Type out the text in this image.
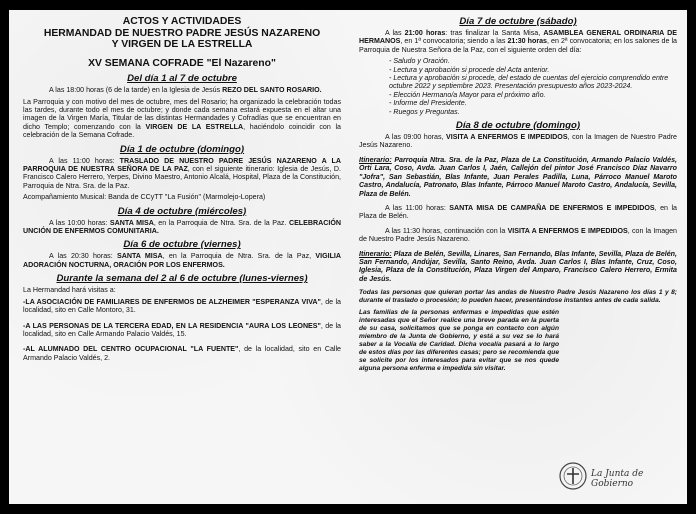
ACTOS Y ACTIVIDADES

HERMANDAD DE NUESTRO PADRE JESÚS NAZARENO

Y VIRGEN DE LA ESTRELLA

XV SEMANA COFRADE "El Nazareno"

Del día 1 al 7 de octubre

A las 18:00 horas (6 de la tarde) en la Iglesia de Jesús REZO DEL SANTO ROSARIO.

La Parroquia y con motivo del mes de octubre, mes del Rosario; ha organizado la celebración todas las tardes, durante todo el mes de octubre; y donde cada semana estará expuesta en el altar una imagen de la Virgen María, Titular de las distintas Hermandades y Cofradías que se encuentran en dicho Templo; comenzando con la VIRGEN DE LA ESTRELLA, haciéndolo coincidir con la celebración de la Semana Cofrade.

Día 1 de octubre (domingo)

A las 11:00 horas: TRASLADO DE NUESTRO PADRE JESÚS NAZARENO A LA PARROQUIA DE NUESTRA SEÑORA DE LA PAZ, con el siguiente itinerario: Iglesia de Jesús, D. Francisco Calero Herrero, Yerpes, Divino Maestro, Antonio Alcalá, Hospital, Plaza de la Constitución, Parroquia de Ntra. Sra. de la Paz.

Acompañamiento Musical: Banda de CCyTT "La Fusión" (Marmolejo-Lopera)

Día 4 de octubre (miércoles)

A las 10:00 horas: SANTA MISA, en la Parroquia de Ntra. Sra. de la Paz. CELEBRACIÓN UNCIÓN DE ENFERMOS COMUNITARIA.

Día 6 de octubre (viernes)

A las 20:30 horas: SANTA MISA, en la Parroquia de Ntra. Sra. de la Paz, VIGILIA ADORACIÓN NOCTURNA, ORACIÓN POR LOS ENFERMOS.

Durante la semana del 2 al 6 de octubre (lunes-viernes)

La Hermandad hará visitas a:

-LA ASOCIACIÓN DE FAMILIARES DE ENFERMOS DE ALZHEIMER "ESPERANZA VIVA", de la localidad, sito en Calle Montoro, 31.

-A LAS PERSONAS DE LA TERCERA EDAD, EN LA RESIDENCIA "AURA LOS LEONES", de la localidad, sito en Calle Armando Palacio Valdés, 15.

-AL ALUMNADO DEL CENTRO OCUPACIONAL "LA FUENTE", de la localidad, sito en Calle Armando Palacio Valdés, 2.

Día 7 de octubre (sábado)

A las 21:00 horas: tras finalizar la Santa Misa, ASAMBLEA GENERAL ORDINARIA DE HERMANOS, en 1ª convocatoria; siendo a las 21:30 horas, en 2ª convocatoria; en los salones de la Parroquia de Nuestra Señora de la Paz, con el siguiente orden del día:

- Saludo y Oración.
- Lectura y aprobación si procede del Acta anterior.
- Lectura y aprobación si procede, del estado de cuentas del ejercicio comprendido entre octubre 2022 y septiembre 2023. Presentación presupuesto años 2023-2024.
- Elección Hermano/a Mayor para el próximo año.
- Informe del Presidente.
- Ruegos y Preguntas.
Día 8 de octubre (domingo)

A las 09:00 horas, VISITA A ENFERMOS E IMPEDIDOS, con la Imagen de Nuestro Padre Jesús Nazareno.

Itinerario: Parroquia Ntra. Sra. de la Paz, Plaza de La Constitución, Armando Palacio Valdés, Orti Lara, Coso, Avda. Juan Carlos I, Jaén, Callejón del pintor José Francisco Díaz Navarro "Jofra", San Sebastián, Blas Infante, Juan Perales Padilla, Luna, Párroco Manuel Maroto Castro, Andalucía, Patronato, Blas Infante, Párroco Manuel Maroto Castro, Andalucía, Sevilla, Plaza de Belén.

A las 11:00 horas: SANTA MISA DE CAMPAÑA DE ENFERMOS E IMPEDIDOS, en la Plaza de Belén.

A las 11:30 horas, continuación con la VISITA A ENFERMOS E IMPEDIDOS, con la Imagen de Nuestro Padre Jesús Nazareno.

Itinerario: Plaza de Belén, Sevilla, Linares, San Fernando, Blas Infante, Sevilla, Plaza de Belén, San Fernando, Andújar, Sevilla, Santo Reino, Avda. Juan Carlos I, Blas Infante, Cruz, Coso, Iglesia, Plaza de la Constitución, Plaza Virgen del Amparo, Francisco Calero Herrero, Ermita de Jesús.

Todas las personas que quieran portar las andas de Nuestro Padre Jesús Nazareno los días 1 y 8; durante el traslado o procesión; lo pueden hacer, presentándose instantes antes de cada salida.

Las familias de la personas enfermas e impedidas que estén interesadas que el Señor realice una breve parada en la puerta de su casa, solicitamos que se ponga en contacto con algún miembro de la Junta de Gobierno, y está a su vez se lo hará saber a la Vocalía de Caridad. Dicha vocalía pasará a lo largo de estos días por las diferentes casas; pero se recomienda que se solicite por los interesados para evitar que se nos quede alguna persona enferma e impedida sin visitar.

La Junta de Gobierno
